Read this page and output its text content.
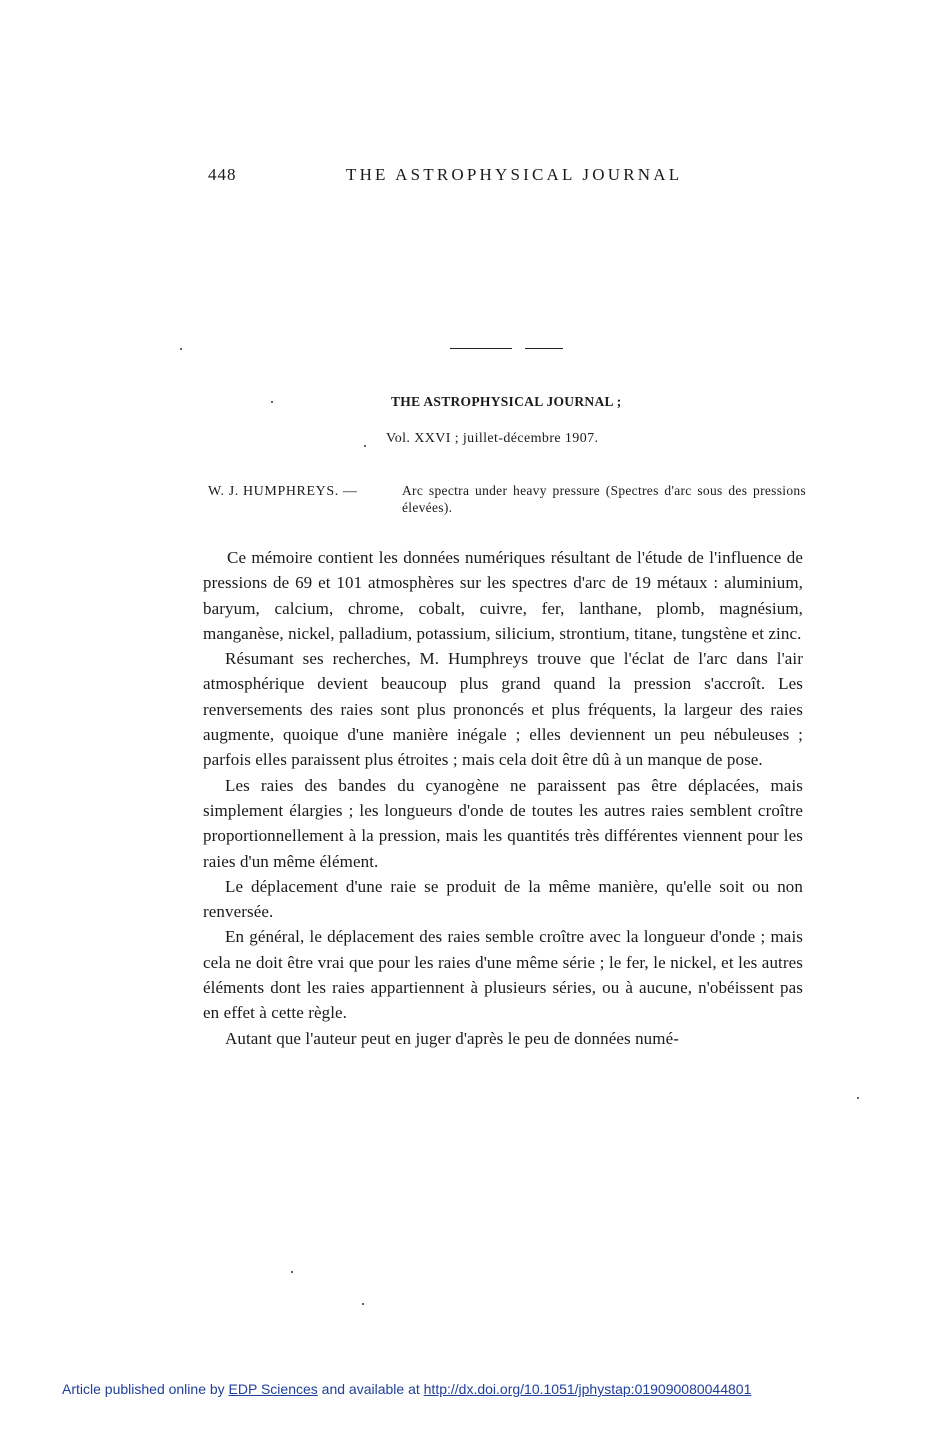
448	THE ASTROPHYSICAL JOURNAL
THE ASTROPHYSICAL JOURNAL ;
Vol. XXVI ; juillet-décembre 1907.
W. J. HUMPHREYS. —	Arc spectra under heavy pressure (Spectres d'arc sous des pressions élevées).

Ce mémoire contient les données numériques résultant de l'étude de l'influence de pressions de 69 et 101 atmosphères sur les spectres d'arc de 19 métaux : aluminium, baryum, calcium, chrome, cobalt, cuivre, fer, lanthane, plomb, magnésium, manganèse, nickel, palladium, potassium, silicium, strontium, titane, tungstène et zinc.

Résumant ses recherches, M. Humphreys trouve que l'éclat de l'arc dans l'air atmosphérique devient beaucoup plus grand quand la pression s'accroît. Les renversements des raies sont plus prononcés et plus fréquents, la largeur des raies augmente, quoique d'une manière inégale ; elles deviennent un peu nébuleuses ; parfois elles paraissent plus étroites ; mais cela doit être dû à un manque de pose.

Les raies des bandes du cyanogène ne paraissent pas être déplacées, mais simplement élargies ; les longueurs d'onde de toutes les autres raies semblent croître proportionnellement à la pression, mais les quantités très différentes viennent pour les raies d'un même élément.

Le déplacement d'une raie se produit de la même manière, qu'elle soit ou non renversée.

En général, le déplacement des raies semble croître avec la longueur d'onde ; mais cela ne doit être vrai que pour les raies d'une même série ; le fer, le nickel, et les autres éléments dont les raies appartiennent à plusieurs séries, ou à aucune, n'obéissent pas en effet à cette règle.

Autant que l'auteur peut en juger d'après le peu de données numé-

Article published online by EDP Sciences and available at http://dx.doi.org/10.1051/jphystap:019090080044801
